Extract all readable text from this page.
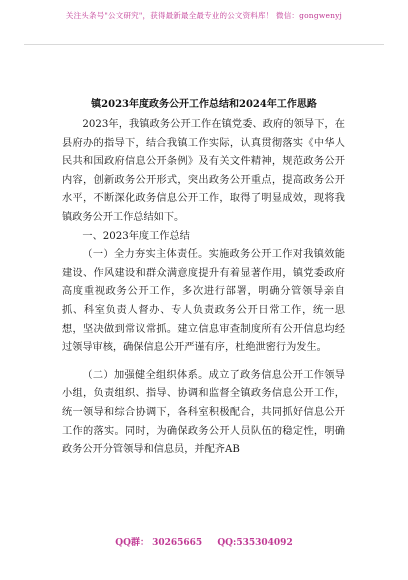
关注头条号"公文研究"，获得最新最全最专业的公文资料库！ 微信：gongwenyj
镇2023年度政务公开工作总结和2024年工作思路

2023年，我镇政务公开工作在镇党委、政府的领导下，在县府办的指导下，结合我镇工作实际，认真贯彻落实《中华人民共和国政府信息公开条例》及有关文件精神，规范政务公开内容，创新政务公开形式，突出政务公开重点，提高政务公开水平，不断深化政务信息公开工作，取得了明显成效，现将我镇政务公开工作总结如下。

一、2023年度工作总结

（一）全力夯实主体责任。实施政务公开工作对我镇效能建设、作风建设和群众满意度提升有着显著作用，镇党委政府高度重视政务公开工作，多次进行部署，明确分管领导亲自抓、科室负责人督办、专人负责政务公开日常工作，统一思想，坚决做到常议常抓。建立信息审查制度所有公开信息均经过领导审核，确保信息公开严谨有序，杜绝泄密行为发生。

（二）加强健全组织体系。成立了政务信息公开工作领导小组，负责组织、指导、协调和监督全镇政务信息公开工作，统一领导和综合协调下，各科室积极配合，共同抓好信息公开工作的落实。同时，为确保政务公开人员队伍的稳定性，明确政务公开分管领导和信息员，并配齐AB

QQ群： 30265665 QQ:535304092
